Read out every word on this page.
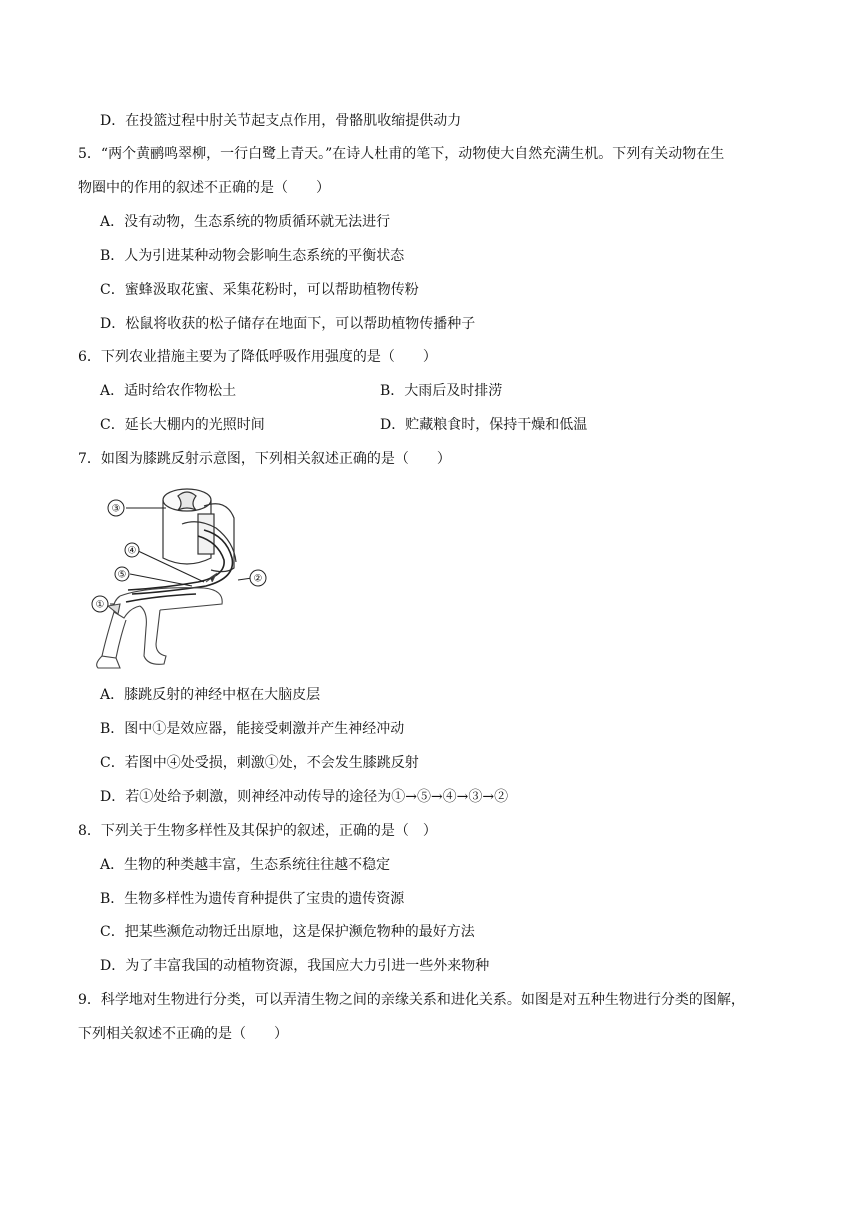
D．在投篮过程中肘关节起支点作用，骨骼肌收缩提供动力
5．“两个黄鹂鸣翠柳，一行白鹭上青天。”在诗人杜甫的笔下，动物使大自然充满生机。下列有关动物在生
物圈中的作用的叙述不正确的是（　　）
A．没有动物，生态系统的物质循环就无法进行
B．人为引进某种动物会影响生态系统的平衡状态
C．蜜蜂汲取花蜜、采集花粉时，可以帮助植物传粉
D．松鼠将收获的松子储存在地面下，可以帮助植物传播种子
6．下列农业措施主要为了降低呼吸作用强度的是（　　）
A．适时给农作物松土	B．大雨后及时排涝
C．延长大棚内的光照时间	D．贮藏粮食时，保持干燥和低温
7．如图为膝跳反射示意图，下列相关叙述正确的是（　　）
③
④
⑤
①
②
A．膝跳反射的神经中枢在大脑皮层
B．图中①是效应器，能接受刺激并产生神经冲动
C．若图中④处受损，刺激①处，不会发生膝跳反射
D．若①处给予刺激，则神经冲动传导的途径为①→⑤→④→③→②
8．下列关于生物多样性及其保护的叙述，正确的是（　）
A．生物的种类越丰富，生态系统往往越不稳定
B．生物多样性为遗传育种提供了宝贵的遗传资源
C．把某些濒危动物迁出原地，这是保护濒危物种的最好方法
D．为了丰富我国的动植物资源，我国应大力引进一些外来物种
9．科学地对生物进行分类，可以弄清生物之间的亲缘关系和进化关系。如图是对五种生物进行分类的图解，
下列相关叙述不正确的是（　　）
